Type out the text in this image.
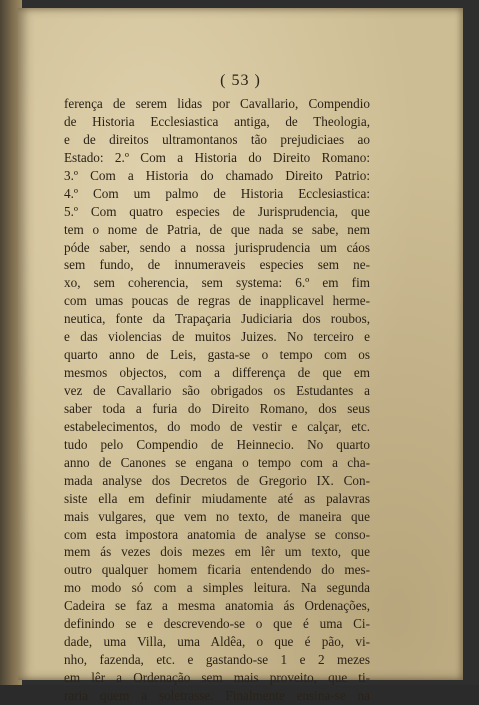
( 53 )
ferença de serem lidas por Cavallario, Compendio
de Historia Ecclesiastica antiga, de Theologia,
e de direitos ultramontanos tão prejudiciaes ao
Estado: 2.º Com a Historia do Direito Romano:
3.º Com a Historia do chamado Direito Patrio:
4.º Com um palmo de Historia Ecclesiastica:
5.º Com quatro especies de Jurisprudencia, que
tem o nome de Patria, de que nada se sabe, nem
póde saber, sendo a nossa jurisprudencia um cáos
sem fundo, de innumeraveis especies sem ne-
xo, sem coherencia, sem systema: 6.º em fim
com umas poucas de regras de inapplicavel herme-
neutica, fonte da Trapaçaria Judiciaria dos roubos,
e das violencias de muitos Juizes. No terceiro e
quarto anno de Leis, gasta-se o tempo com os
mesmos objectos, com a differença de que em
vez de Cavallario são obrigados os Estudantes a
saber toda a furia do Direito Romano, dos seus
estabelecimentos, do modo de vestir e calçar, etc.
tudo pelo Compendio de Heinnecio. No quarto
anno de Canones se engana o tempo com a cha-
mada analyse dos Decretos de Gregorio IX. Con-
siste ella em definir miudamente até as palavras
mais vulgares, que vem no texto, de maneira que
com esta impostora anatomia de analyse se conso-
mem ás vezes dois mezes em lêr um texto, que
outro qualquer homem ficaria entendendo do mes-
mo modo só com a simples leitura. Na segunda
Cadeira se faz a mesma anatomia ás Ordenações,
definindo se e descrevendo-se o que é uma Ci-
dade, uma Villa, uma Aldêa, o que é pão, vi-
nho, fazenda, etc. e gastando-se 1 e 2 mezes
em lêr a Ordenação sem mais proveito, que ti-
raria quem a soletrasse. Finalmente ensina-se na
